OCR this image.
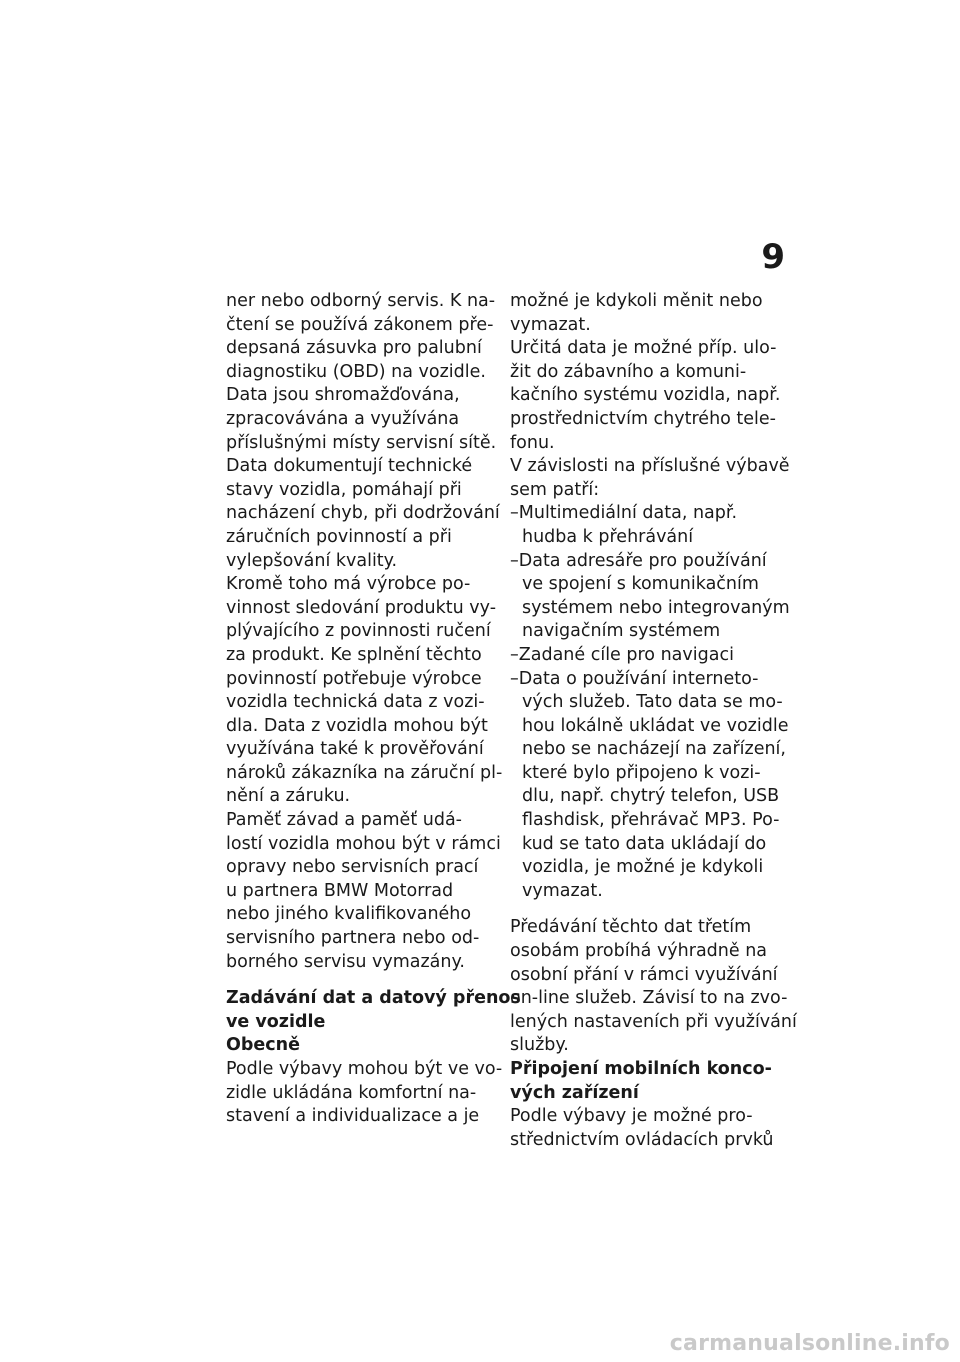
9
ner nebo odborný servis. K na-
čtení se používá zákonem pře-
depsaná zásuvka pro palubní
diagnostiku (OBD) na vozidle.
Data jsou shromažďována,
zpracovávána a využívána
příslušnými místy servisní sítě.
Data dokumentují technické
stavy vozidla, pomáhají při
nacházení chyb, při dodržování
záručních povinností a při
vylepšování kvality.
Kromě toho má výrobce po-
vinnost sledování produktu vy-
plývajícího z povinnosti ručení
za produkt. Ke splnění těchto
povinností potřebuje výrobce
vozidla technická data z vozi-
dla. Data z vozidla mohou být
využívána také k prověřování
nároků zákazníka na záruční pl-
nění a záruku.
Paměť závad a paměť udá-
lostí vozidla mohou být v rámci
opravy nebo servisních prací
u partnera BMW Motorrad
nebo jiného kvalifikovaného
servisního partnera nebo od-
borného servisu vymazány.
Zadávání dat a datový přenos
ve vozidle
Obecně
Podle výbavy mohou být ve vo-
zidle ukládána komfortní na-
stavení a individualizace a je
možné je kdykoli měnit nebo
vymazat.
Určitá data je možné příp. ulo-
žit do zábavního a komuni-
kačního systému vozidla, např.
prostřednictvím chytrého tele-
fonu.
V závislosti na příslušné výbavě
sem patří:
–Multimediální data, např.
hudba k přehrávání
–Data adresáře pro používání
ve spojení s komunikačním
systémem nebo integrovaným
navigačním systémem
–Zadané cíle pro navigaci
–Data o používání interneto-
vých služeb. Tato data se mo-
hou lokálně ukládat ve vozidle
nebo se nacházejí na zařízení,
které bylo připojeno k vozi-
dlu, např. chytrý telefon, USB
flashdisk, přehrávač MP3. Po-
kud se tato data ukládají do
vozidla, je možné je kdykoli
vymazat.
Předávání těchto dat třetím
osobám probíhá výhradně na
osobní přání v rámci využívání
on-line služeb. Závisí to na zvo-
lených nastaveních při využívání
služby.
Připojení mobilních konco-
vých zařízení
Podle výbavy je možné pro-
střednictvím ovládacích prvků
carmanualsonline.info
